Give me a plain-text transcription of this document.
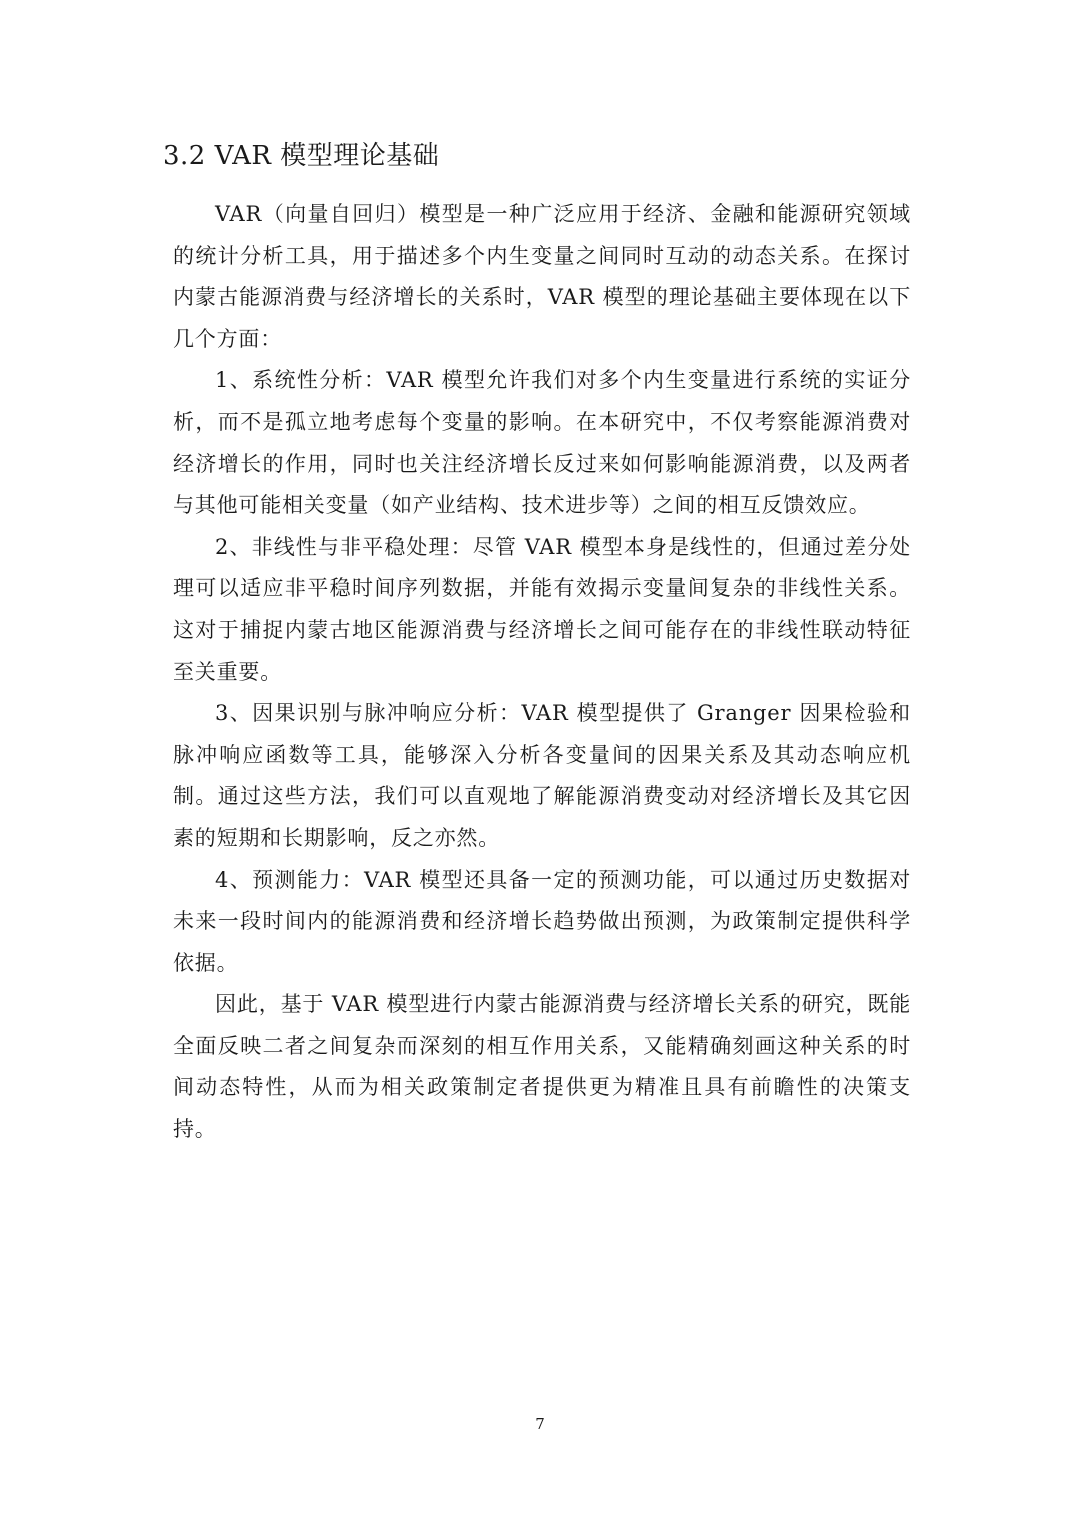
3.2 VAR 模型理论基础

VAR（向量自回归）模型是一种广泛应用于经济、金融和能源研究领域的统计分析工具，用于描述多个内生变量之间同时互动的动态关系。在探讨内蒙古能源消费与经济增长的关系时，VAR 模型的理论基础主要体现在以下几个方面：

1、系统性分析：VAR 模型允许我们对多个内生变量进行系统的实证分析，而不是孤立地考虑每个变量的影响。在本研究中，不仅考察能源消费对经济增长的作用，同时也关注经济增长反过来如何影响能源消费，以及两者与其他可能相关变量（如产业结构、技术进步等）之间的相互反馈效应。

2、非线性与非平稳处理：尽管 VAR 模型本身是线性的，但通过差分处理可以适应非平稳时间序列数据，并能有效揭示变量间复杂的非线性关系。这对于捕捉内蒙古地区能源消费与经济增长之间可能存在的非线性联动特征至关重要。

3、因果识别与脉冲响应分析：VAR 模型提供了 Granger 因果检验和脉冲响应函数等工具，能够深入分析各变量间的因果关系及其动态响应机制。通过这些方法，我们可以直观地了解能源消费变动对经济增长及其它因素的短期和长期影响，反之亦然。

4、预测能力：VAR 模型还具备一定的预测功能，可以通过历史数据对未来一段时间内的能源消费和经济增长趋势做出预测，为政策制定提供科学依据。

因此，基于 VAR 模型进行内蒙古能源消费与经济增长关系的研究，既能全面反映二者之间复杂而深刻的相互作用关系，又能精确刻画这种关系的时间动态特性，从而为相关政策制定者提供更为精准且具有前瞻性的决策支持。

7
